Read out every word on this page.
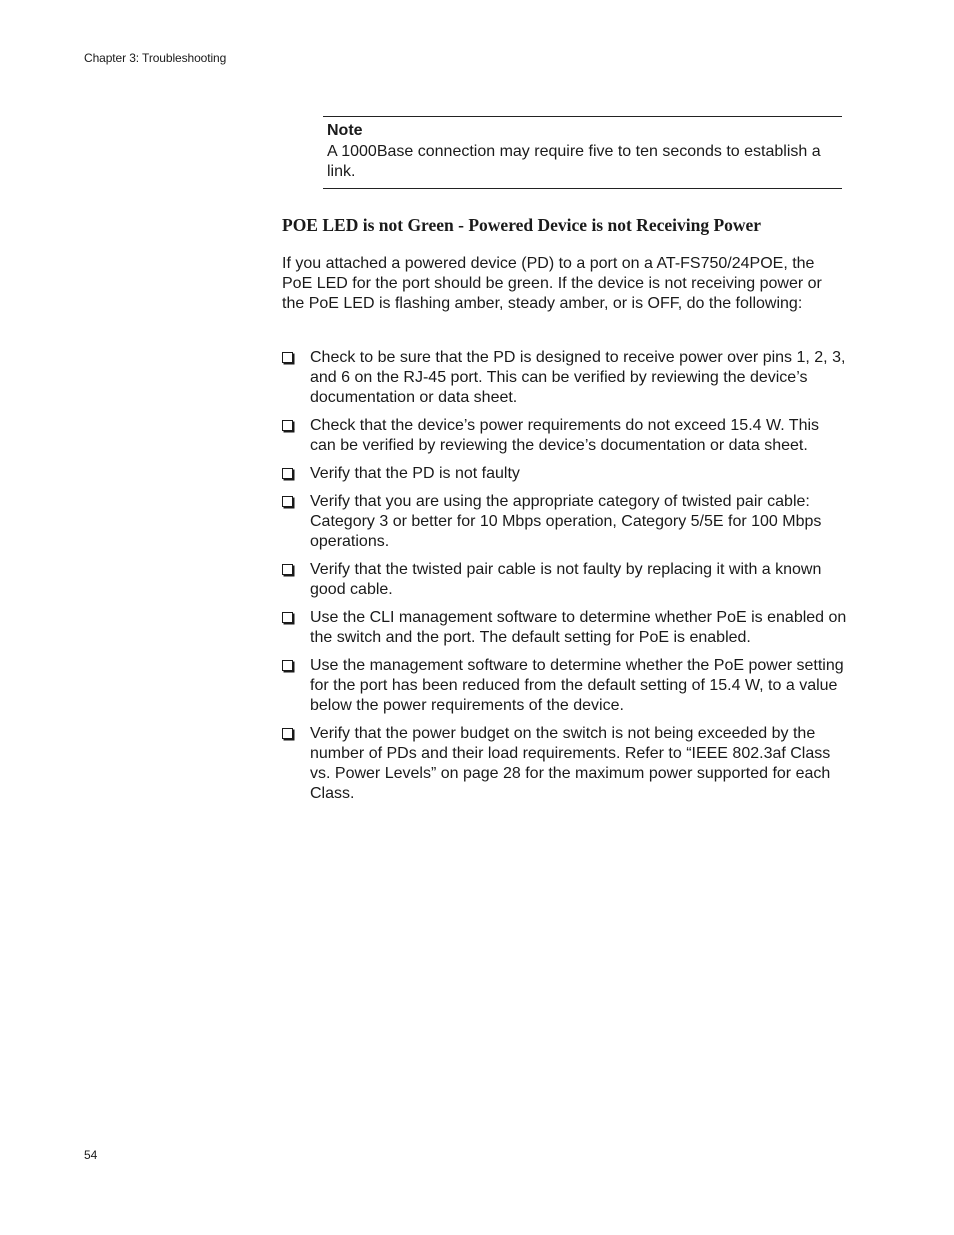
Chapter 3: Troubleshooting
Note
A 1000Base connection may require five to ten seconds to establish a link.
POE LED is not Green - Powered Device is not Receiving Power
If you attached a powered device (PD) to a port on a AT-FS750/24POE, the PoE LED for the port should be green. If the device is not receiving power or the PoE LED is flashing amber, steady amber, or is OFF, do the following:
Check to be sure that the PD is designed to receive power over pins 1, 2, 3, and 6 on the RJ-45 port. This can be verified by reviewing the device’s documentation or data sheet.
Check that the device’s power requirements do not exceed 15.4 W. This can be verified by reviewing the device’s documentation or data sheet.
Verify that the PD is not faulty
Verify that you are using the appropriate category of twisted pair cable: Category 3 or better for 10 Mbps operation, Category 5/5E for 100 Mbps operations.
Verify that the twisted pair cable is not faulty by replacing it with a known good cable.
Use the CLI management software to determine whether PoE is enabled on the switch and the port. The default setting for PoE is enabled.
Use the management software to determine whether the PoE power setting for the port has been reduced from the default setting of 15.4 W, to a value below the power requirements of the device.
Verify that the power budget on the switch is not being exceeded by the number of PDs and their load requirements. Refer to “IEEE 802.3af Class vs. Power Levels” on page 28 for the maximum power supported for each Class.
54
